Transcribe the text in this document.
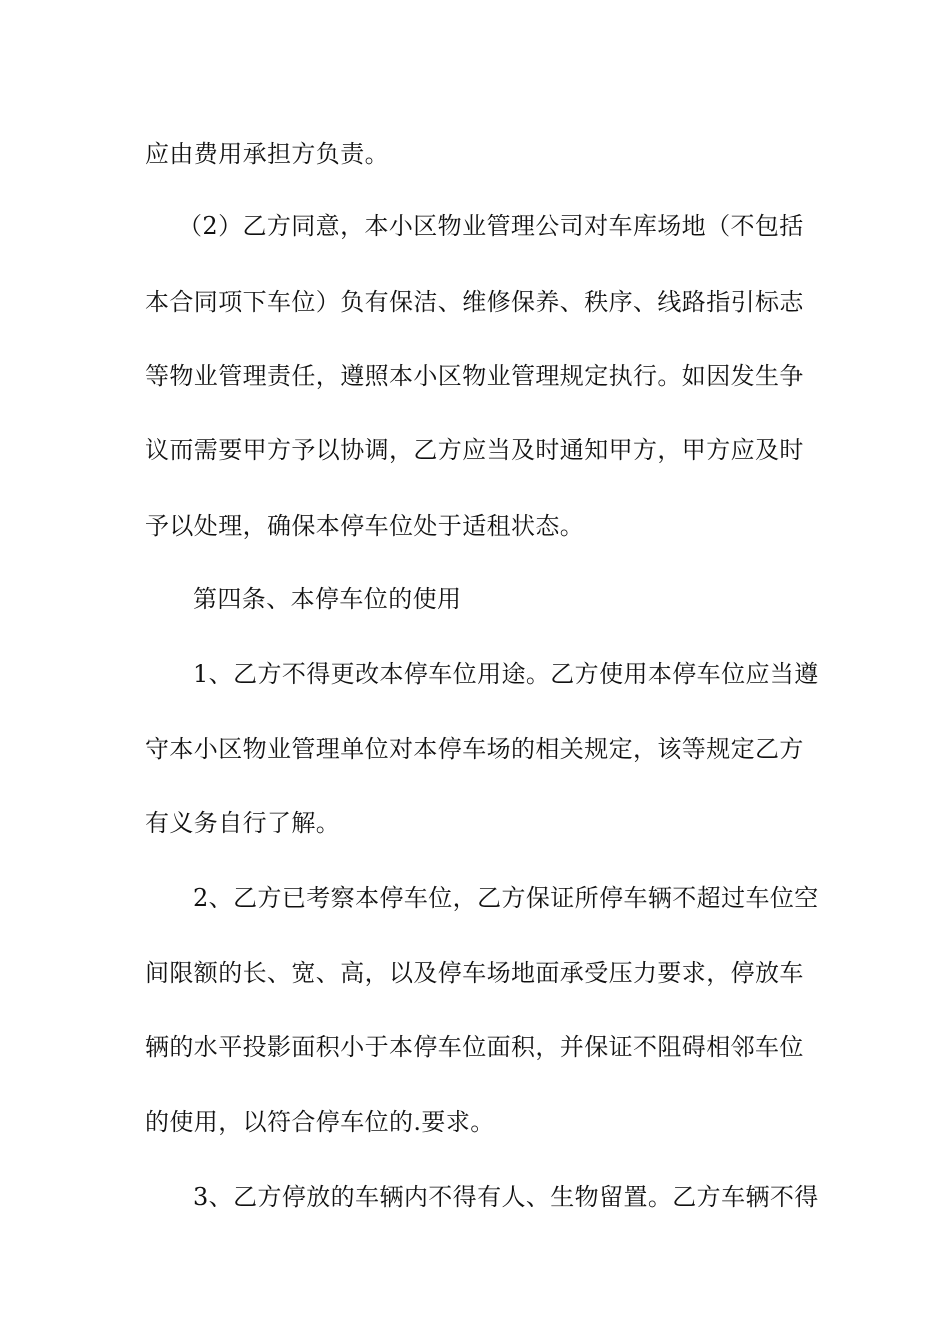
应由费用承担方负责。
（2）乙方同意，本小区物业管理公司对车库场地（不包括
本合同项下车位）负有保洁、维修保养、秩序、线路指引标志
等物业管理责任，遵照本小区物业管理规定执行。如因发生争
议而需要甲方予以协调，乙方应当及时通知甲方，甲方应及时
予以处理，确保本停车位处于适租状态。
第四条、本停车位的使用
1、乙方不得更改本停车位用途。乙方使用本停车位应当遵
守本小区物业管理单位对本停车场的相关规定，该等规定乙方
有义务自行了解。
2、乙方已考察本停车位，乙方保证所停车辆不超过车位空
间限额的长、宽、高，以及停车场地面承受压力要求，停放车
辆的水平投影面积小于本停车位面积，并保证不阻碍相邻车位
的使用，以符合停车位的.要求。
3、乙方停放的车辆内不得有人、生物留置。乙方车辆不得
